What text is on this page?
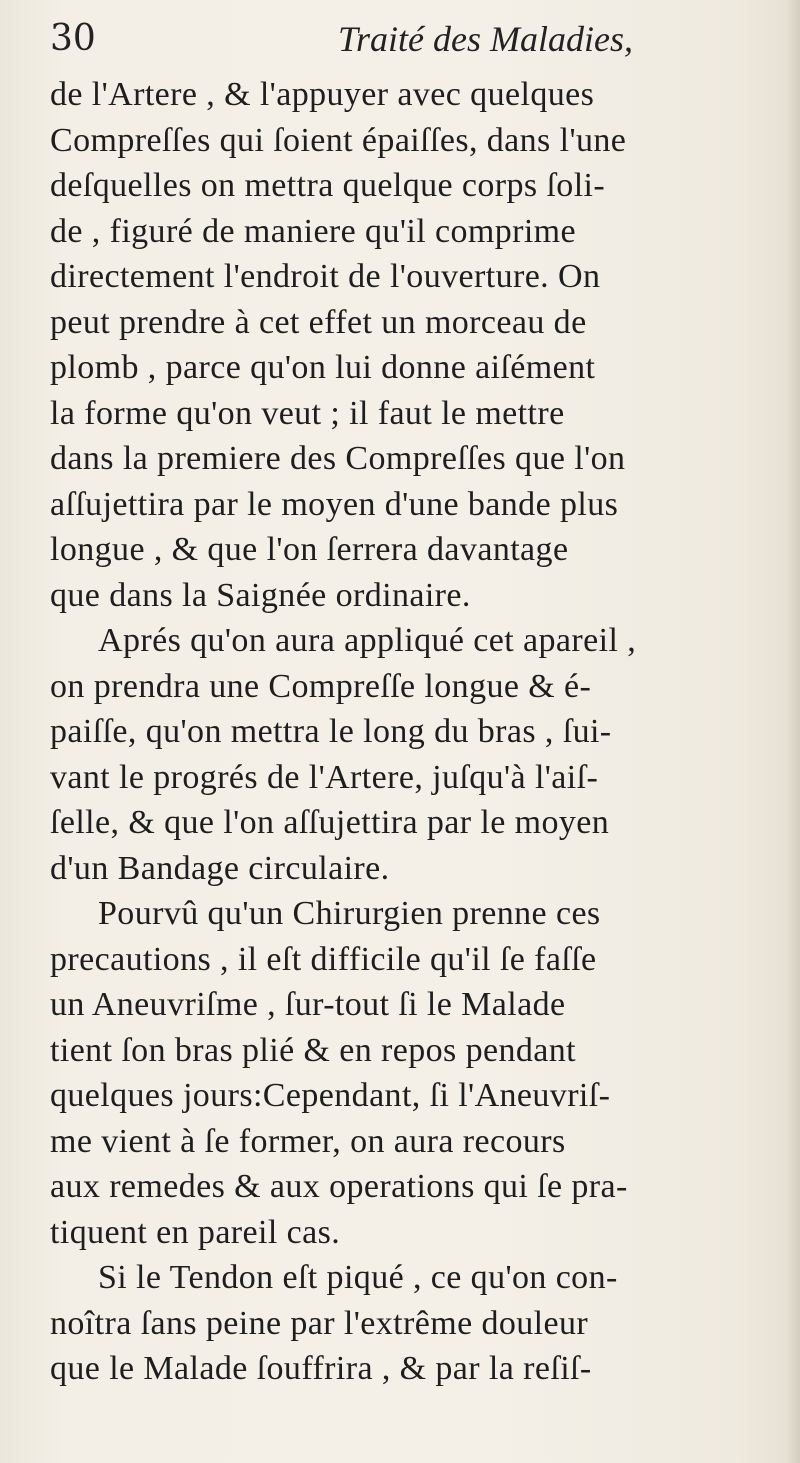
30	Traité des Maladies,
de l'Artere , & l'appuyer avec quelques
Compreſſes qui ſoient épaiſſes, dans l'une
deſquelles on mettra quelque corps ſoli-
de , figuré de maniere qu'il comprime
directement l'endroit de l'ouverture. On
peut prendre à cet effet un morceau de
plomb , parce qu'on lui donne aiſément
la forme qu'on veut ; il faut le mettre
dans la premiere des Compreſſes que l'on
aſſujettira par le moyen d'une bande plus
longue , & que l'on ſerrera davantage
que dans la Saignée ordinaire.
Aprés qu'on aura appliqué cet apareil ,
on prendra une Compreſſe longue & é-
paiſſe, qu'on mettra le long du bras , ſui-
vant le progrés de l'Artere, juſqu'à l'aiſ-
ſelle, & que l'on aſſujettira par le moyen
d'un Bandage circulaire.
Pourvû qu'un Chirurgien prenne ces
precautions , il eſt difficile qu'il ſe faſſe
un Aneuvriſme , ſur-tout ſi le Malade
tient ſon bras plié & en repos pendant
quelques jours:Cependant, ſi l'Aneuvriſ-
me vient à ſe former, on aura recours
aux remedes & aux operations qui ſe pra-
tiquent en pareil cas.
Si le Tendon eſt piqué , ce qu'on con-
noîtra ſans peine par l'extrême douleur
que le Malade ſouffrira , & par la reſiſ-
